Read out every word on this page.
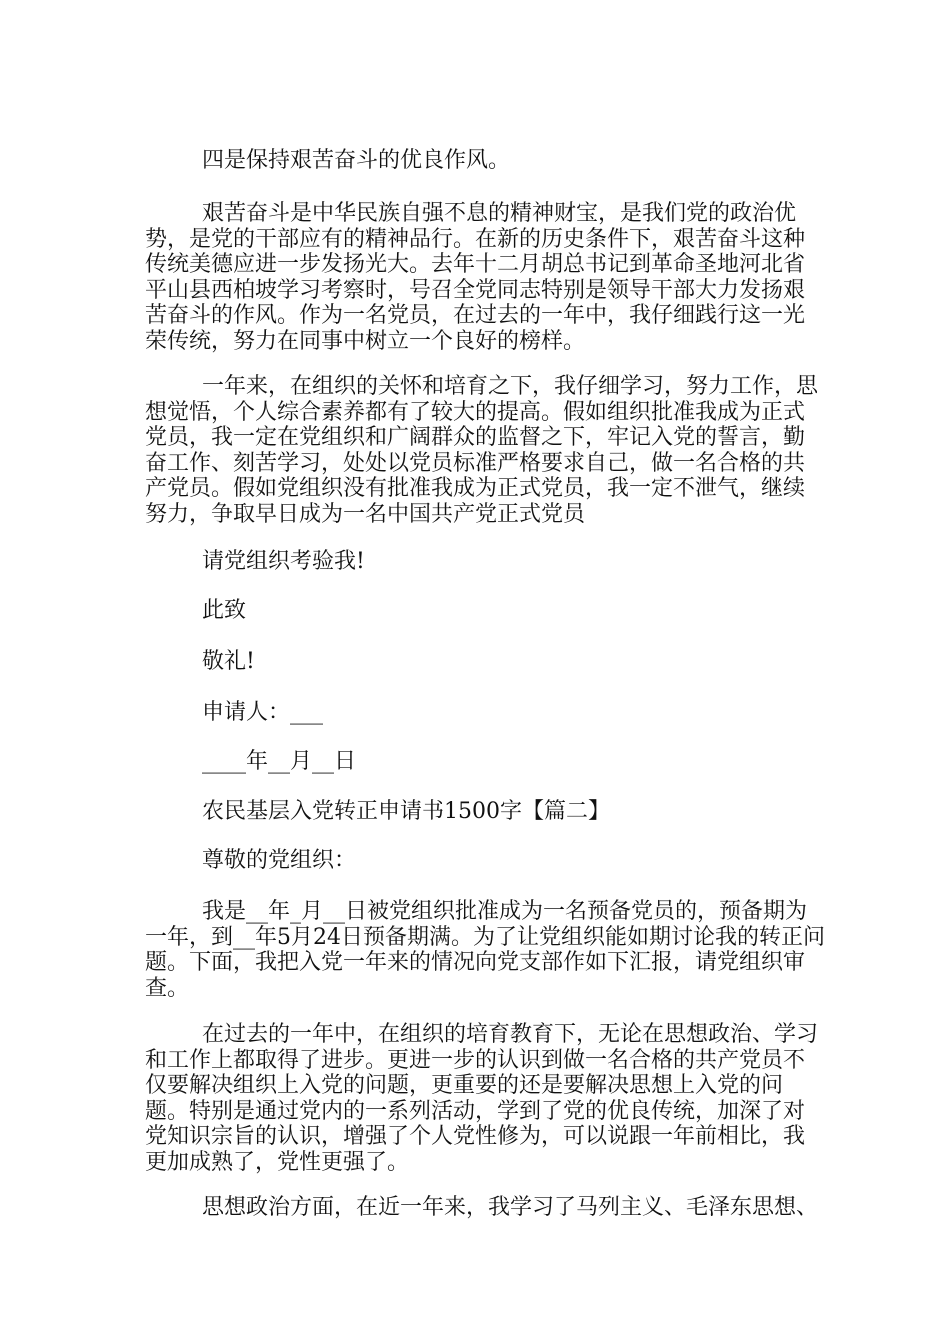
四是保持艰苦奋斗的优良作风。

艰苦奋斗是中华民族自强不息的精神财宝，是我们党的政治优势，是党的干部应有的精神品行。在新的历史条件下，艰苦奋斗这种传统美德应进一步发扬光大。去年十二月胡总书记到革命圣地河北省平山县西柏坡学习考察时，号召全党同志特别是领导干部大力发扬艰苦奋斗的作风。作为一名党员，在过去的一年中，我仔细践行这一光荣传统，努力在同事中树立一个良好的榜样。

一年来，在组织的关怀和培育之下，我仔细学习，努力工作，思想觉悟，个人综合素养都有了较大的提高。假如组织批准我成为正式党员，我一定在党组织和广阔群众的监督之下，牢记入党的誓言，勤奋工作、刻苦学习，处处以党员标准严格要求自己，做一名合格的共产党员。假如党组织没有批准我成为正式党员，我一定不泄气，继续努力，争取早日成为一名中国共产党正式党员

请党组织考验我!

此致

敬礼!

申请人：___

____年__月__日

农民基层入党转正申请书1500字【篇二】

尊敬的党组织：

我是__年_月__日被党组织批准成为一名预备党员的，预备期为一年，到__年5月24日预备期满。为了让党组织能如期讨论我的转正问题。下面，我把入党一年来的情况向党支部作如下汇报，请党组织审查。

在过去的一年中，在组织的培育教育下，无论在思想政治、学习和工作上都取得了进步。更进一步的认识到做一名合格的共产党员不仅要解决组织上入党的问题，更重要的还是要解决思想上入党的问题。特别是通过党内的一系列活动，学到了党的优良传统，加深了对党知识宗旨的认识，增强了个人党性修为，可以说跟一年前相比，我更加成熟了，党性更强了。

思想政治方面，在近一年来，我学习了马列主义、毛泽东思想、
